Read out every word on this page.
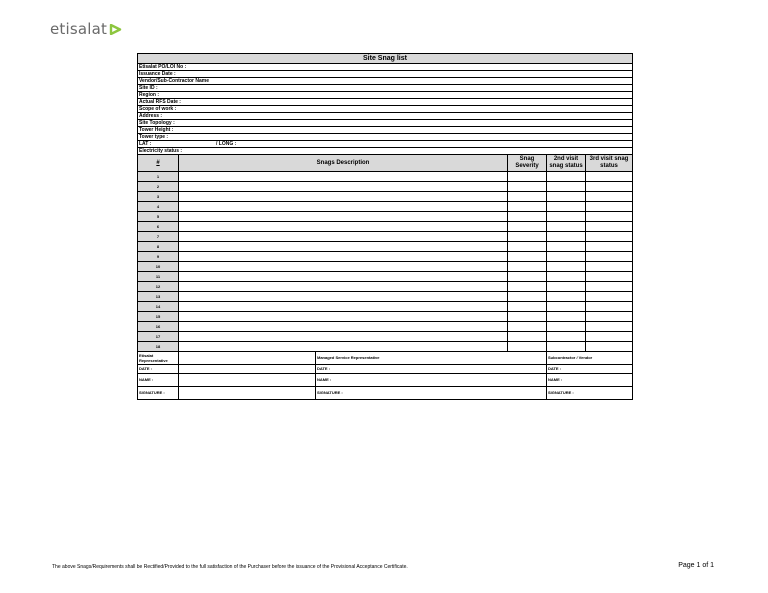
etisalat
Site Snag list					
Etisalat PO/LOI No :					
Issuance Date :					
Vendor/Sub-Contractor Name					
Site ID :					
Region :					
Actual RFS Date :					
Scope of work :					
Address :					
Site Topology :					
Tower Height :					
Tower type :					
LAT : / LONG :					

Electricity status :					
#	Snags Description		Snag Severity	2nd visit snag status	3rd visit snag status
1					
2					
3					
4					
5					
6					
7					
8					
9					
10					
11					
12					
13					
14					
15					
16					
17					
18					
Etisalat Representative		Managed Service Representative		Subcontractor / Vendor	
DATE :		DATE :		DATE :	
NAME :		NAME :		NAME :	
SIGNATURE :		SIGNATURE :		SIGNATURE :	
The above Snags/Requirements shall be Rectified/Provided to the full satisfaction of the Purchaser before the issuance of the Provisional Acceptance Certificate.	Page 1 of 1
